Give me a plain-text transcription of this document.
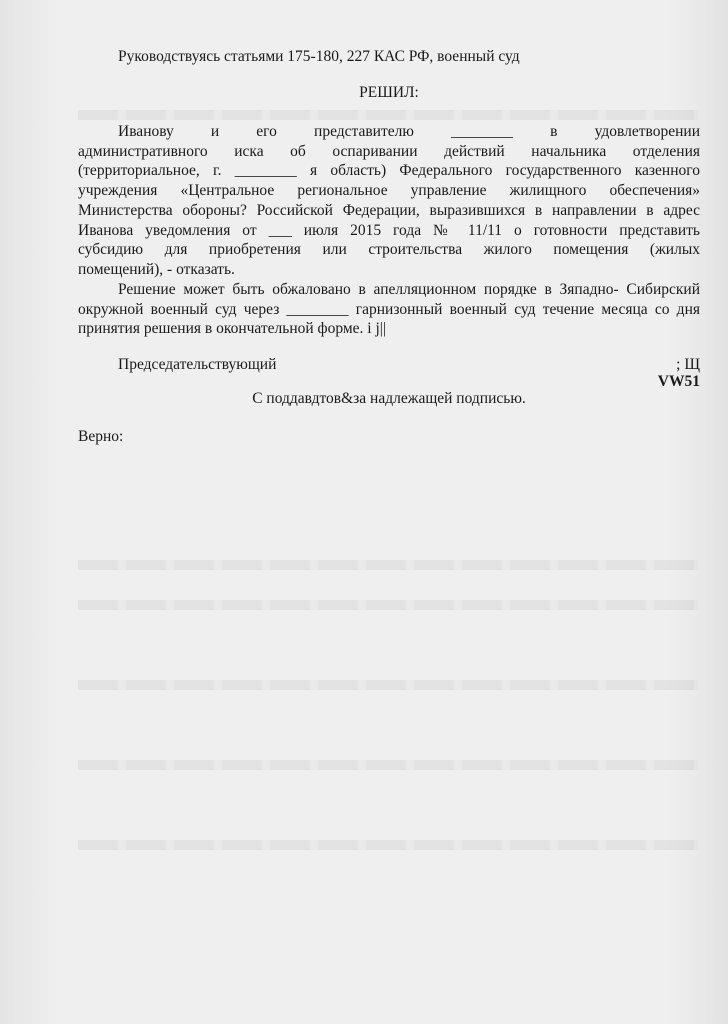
Руководствуясь статьями 175-180, 227 КАС РФ, военный суд
РЕШИЛ:
Иванову и его представителю ________ в удовлетворении
административного иска об оспаривании действий начальника отделения
(территориальное, г. ________ я область) Федерального государственного казенного
учреждения «Центральное региональное управление жилищного обеспечения»
Министерства обороны? Российской Федерации, выразившихся в направлении в адрес
Иванова уведомления от ___ июля 2015 года № 11/11 о готовности представить
субсидию для приобретения или строительства жилого помещения (жилых
помещений), - отказать.
Решение может быть обжаловано в апелляционном порядке в Зяпадно- Сибирский
окружной военный суд через ________ гарнизонный военный суд течение месяца со дня
принятия решения в окончательной форме. i j||
Председательствующий	; Щ
VW51
С поддавдтов&за надлежащей подписью.
Верно:
